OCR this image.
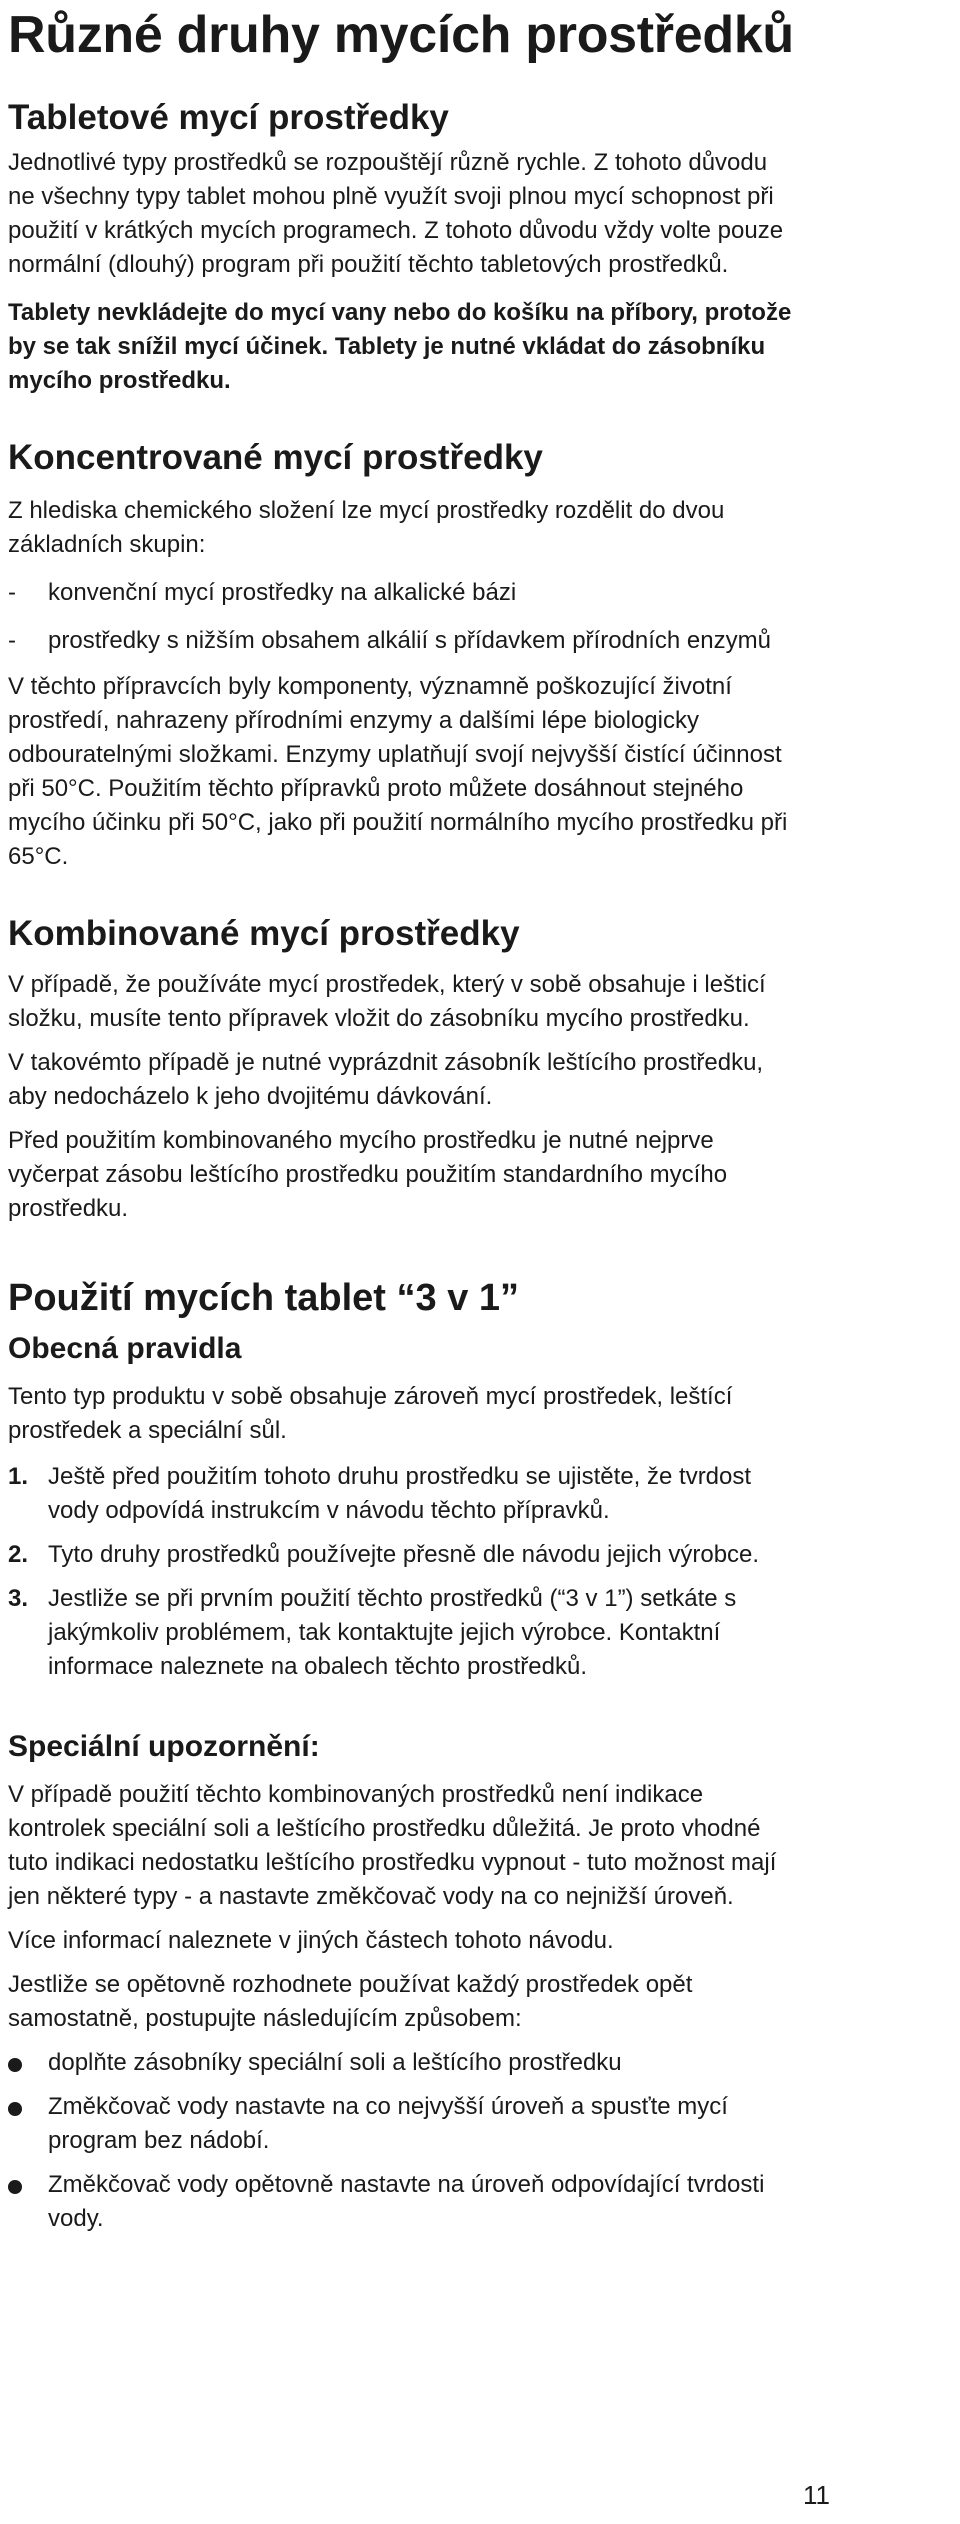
Různé druhy mycích prostředků
Tabletové mycí prostředky

Jednotlivé typy prostředků se rozpouštějí různě rychle. Z tohoto důvodu ne všechny typy tablet mohou plně využít svoji plnou mycí schopnost při použití v krátkých mycích programech. Z tohoto důvodu vždy volte pouze normální (dlouhý) program při použití těchto tabletových prostředků.

Tablety nevkládejte do mycí vany nebo do košíku na příbory, protože by se tak snížil mycí účinek. Tablety je nutné vkládat do zásobníku mycího prostředku.

Koncentrované mycí prostředky

Z hlediska chemického složení lze mycí prostředky rozdělit do dvou základních skupin:

- konvenční mycí prostředky na alkalické bázi
- prostředky s nižším obsahem alkálií s přídavkem přírodních enzymů

V těchto přípravcích byly komponenty, významně poškozující životní prostředí, nahrazeny přírodními enzymy a dalšími lépe biologicky odbouratelnými složkami. Enzymy uplatňují svojí nejvyšší čistící účinnost při 50°C. Použitím těchto přípravků proto můžete dosáhnout stejného mycího účinku při 50°C, jako při použití normálního mycího prostředku při 65°C.

Kombinované mycí prostředky

V případě, že používáte mycí prostředek, který v sobě obsahuje i lešticí složku, musíte tento přípravek vložit do zásobníku mycího prostředku.

V takovémto případě je nutné vyprázdnit zásobník leštícího prostředku, aby nedocházelo k jeho dvojitému dávkování.

Před použitím kombinovaného mycího prostředku je nutné nejprve vyčerpat zásobu leštícího prostředku použitím standardního mycího prostředku.

Použití mycích tablet “3 v 1”
Obecná pravidla

Tento typ produktu v sobě obsahuje zároveň mycí prostředek, leštící prostředek a speciální sůl.

1. Ještě před použitím tohoto druhu prostředku se ujistěte, že tvrdost vody odpovídá instrukcím v návodu těchto přípravků.
2. Tyto druhy prostředků používejte přesně dle návodu jejich výrobce.
3. Jestliže se při prvním použití těchto prostředků (“3 v 1”) setkáte s jakýmkoliv problémem, tak kontaktujte jejich výrobce. Kontaktní informace naleznete na obalech těchto prostředků.
Speciální upozornění:

V případě použití těchto kombinovaných prostředků není indikace kontrolek speciální soli a leštícího prostředku důležitá. Je proto vhodné tuto indikaci nedostatku leštícího prostředku vypnout - tuto možnost mají jen některé typy - a nastavte změkčovač vody na co nejnižší úroveň.

Více informací naleznete v jiných částech tohoto návodu.

Jestliže se opětovně rozhodnete používat každý prostředek opět samostatně, postupujte následujícím způsobem:

doplňte zásobníky speciální soli a leštícího prostředku
Změkčovač vody nastavte na co nejvyšší úroveň a spusťte mycí program bez nádobí.
Změkčovač vody opětovně nastavte na úroveň odpovídající tvrdosti vody.
11
